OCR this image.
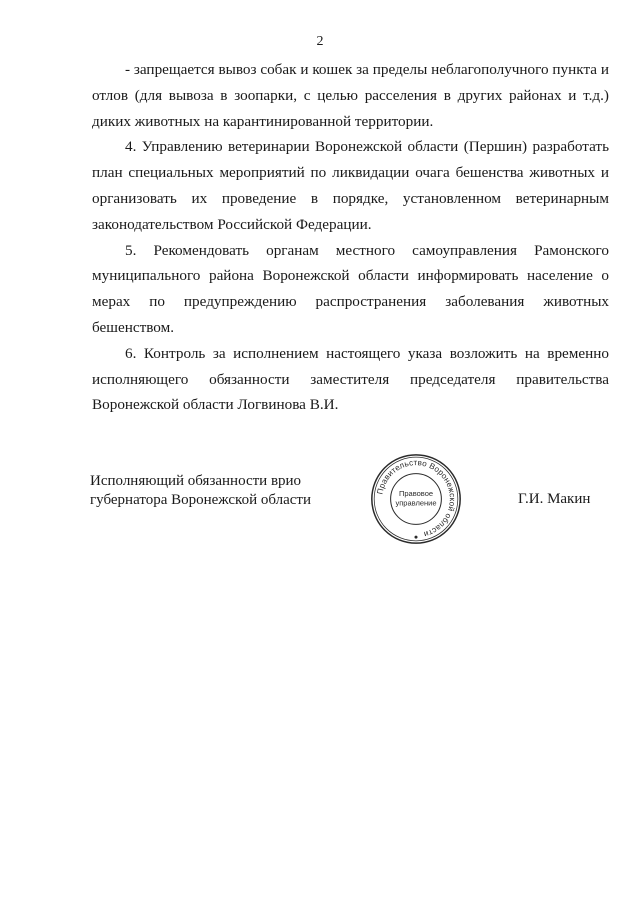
2

- запрещается вывоз собак и кошек за пределы неблагополучного пункта и отлов (для вывоза в зоопарки, с целью расселения в других районах и т.д.) диких животных на карантинированной территории.

4. Управлению ветеринарии Воронежской области (Першин) разработать план специальных мероприятий по ликвидации очага бешенства животных и организовать их проведение в порядке, установленном ветеринарным законодательством Российской Федерации.

5. Рекомендовать органам местного самоуправления Рамонского муниципального района Воронежской области информировать население о мерах по предупреждению распространения заболевания животных бешенством.

6. Контроль за исполнением настоящего указа возложить на временно исполняющего обязанности заместителя председателя правительства Воронежской области Логвинова В.И.

Исполняющий обязанности врио
губернатора Воронежской области
Правительство Воронежской области
Правовое
управление	Г.И. Макин
